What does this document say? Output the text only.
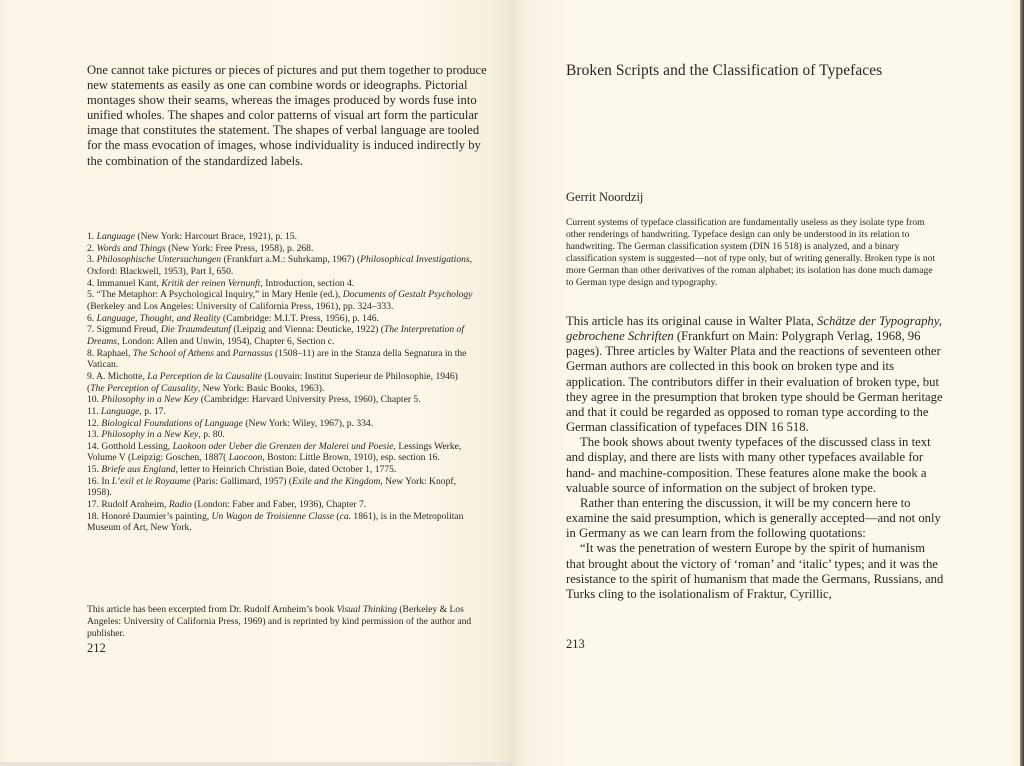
One cannot take pictures or pieces of pictures and put them together to produce new statements as easily as one can combine words or ideographs. Pictorial montages show their seams, whereas the images produced by words fuse into unified wholes. The shapes and color patterns of visual art form the particular image that constitutes the statement. The shapes of verbal language are tooled for the mass evocation of images, whose individuality is induced indirectly by the combination of the standardized labels.

1. Language (New York: Harcourt Brace, 1921), p. 15.

2. Words and Things (New York: Free Press, 1958), p. 268.

3. Philosophische Untersuchungen (Frankfurt a.M.: Suhrkamp, 1967) (Philosophical Investigations, Oxford: Blackwell, 1953), Part I, 650.

4. Immanuel Kant, Kritik der reinen Vernunft, Introduction, section 4.

5. “The Metaphor: A Psychological Inquiry,” in Mary Henle (ed.), Documents of Gestalt Psychology (Berkeley and Los Angeles: University of California Press, 1961), pp. 324–333.

6. Language, Thought, and Reality (Cambridge: M.I.T. Press, 1956), p. 146.

7. Sigmund Freud, Die Traumdeutunf (Leipzig and Vienna: Deuticke, 1922) (The Interpretation of Dreams, London: Allen and Unwin, 1954), Chapter 6, Section c.

8. Raphael, The School of Athens and Parnassus (1508–11) are in the Stanza della Segnatura in the Vatican.

9. A. Michotte, La Perception de la Causalite (Louvain: Institut Superieur de Philosophie, 1946) (The Perception of Causality, New York: Basic Books, 1963).

10. Philosophy in a New Key (Cambridge: Harvard University Press, 1960), Chapter 5.

11. Language, p. 17.

12. Biological Foundations of Language (New York: Wiley, 1967), p. 334.

13. Philosophy in a New Key, p. 80.

14. Gotthold Lessing, Laokoon oder Ueber die Grenzen der Malerei und Poesie, Lessings Werke, Volume V (Leipzig: Goschen, 1887( Laocoon, Boston: Little Brown, 1910), esp. section 16.

15. Briefe aus England, letter to Heinrich Christian Boie, dated October 1, 1775.

16. In L’exil et le Royaume (Paris: Gallimard, 1957) (Exile and the Kingdom, New York: Knopf, 1958).

17. Rudolf Arnheim, Radio (London: Faber and Faber, 1936), Chapter 7.

18. Honoré Daumier’s painting, Un Wagon de Troisienne Classe (ca. 1861), is in the Metropolitan Museum of Art, New York.

This article has been excerpted from Dr. Rudolf Arnheim’s book Visual Thinking (Berkeley & Los Angeles: University of California Press, 1969) and is reprinted by kind permission of the author and publisher.
212
Broken Scripts and the Classification of Typefaces
Gerrit Noordzij
Current systems of typeface classification are fundamentally useless as they isolate type from other renderings of handwriting. Typeface design can only be understood in its relation to handwriting. The German classification system (DIN 16 518) is analyzed, and a binary classification system is suggested—not of type only, but of writing generally. Broken type is not more German than other derivatives of the roman alphabet; its isolation has done much damage to German type design and typography.

This article has its original cause in Walter Plata, Schätze der Typography, gebrochene Schriften (Frankfurt on Main: Polygraph Verlag, 1968, 96 pages). Three articles by Walter Plata and the reactions of seventeen other German authors are collected in this book on broken type and its application. The contributors differ in their evaluation of broken type, but they agree in the presumption that broken type should be German heritage and that it could be regarded as opposed to roman type according to the German classification of typefaces DIN 16 518.

The book shows about twenty typefaces of the discussed class in text and display, and there are lists with many other typefaces available for hand- and machine-composition. These features alone make the book a valuable source of information on the subject of broken type.

Rather than entering the discussion, it will be my concern here to examine the said presumption, which is generally accepted—and not only in Germany as we can learn from the following quotations:

“It was the penetration of western Europe by the spirit of humanism that brought about the victory of ‘roman’ and ‘italic’ types; and it was the resistance to the spirit of humanism that made the Germans, Russians, and Turks cling to the isolationalism of Fraktur, Cyrillic,

213
